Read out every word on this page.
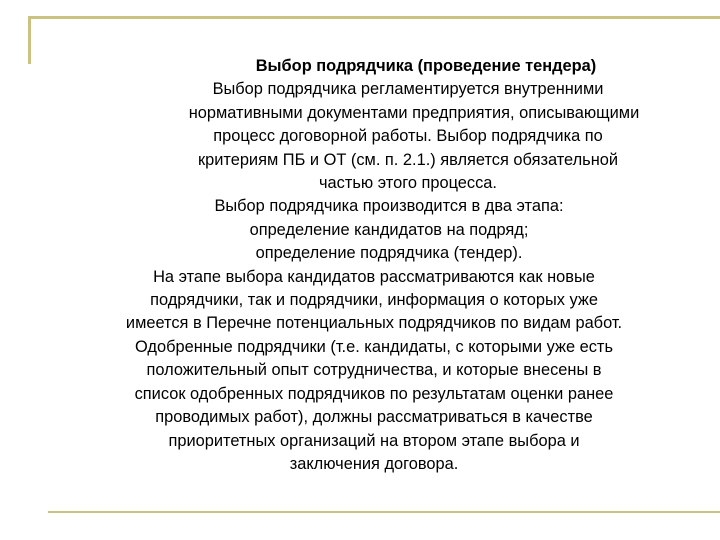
Выбор подрядчика (проведение тендера)
Выбор подрядчика регламентируется внутренними
нормативными документами предприятия, описывающими
процесс договорной работы. Выбор подрядчика по
критериям ПБ и ОТ (см. п. 2.1.) является обязательной
частью этого процесса.
Выбор подрядчика производится в два этапа:
определение кандидатов на подряд;
определение подрядчика (тендер).
На этапе выбора кандидатов рассматриваются как новые
подрядчики, так и подрядчики, информация о которых уже
имеется в Перечне потенциальных подрядчиков по видам работ.
Одобренные подрядчики (т.е. кандидаты, с которыми уже есть
положительный опыт сотрудничества, и которые внесены в
список одобренных подрядчиков по результатам оценки ранее
проводимых работ), должны рассматриваться в качестве
приоритетных организаций на втором этапе выбора и
заключения договора.
